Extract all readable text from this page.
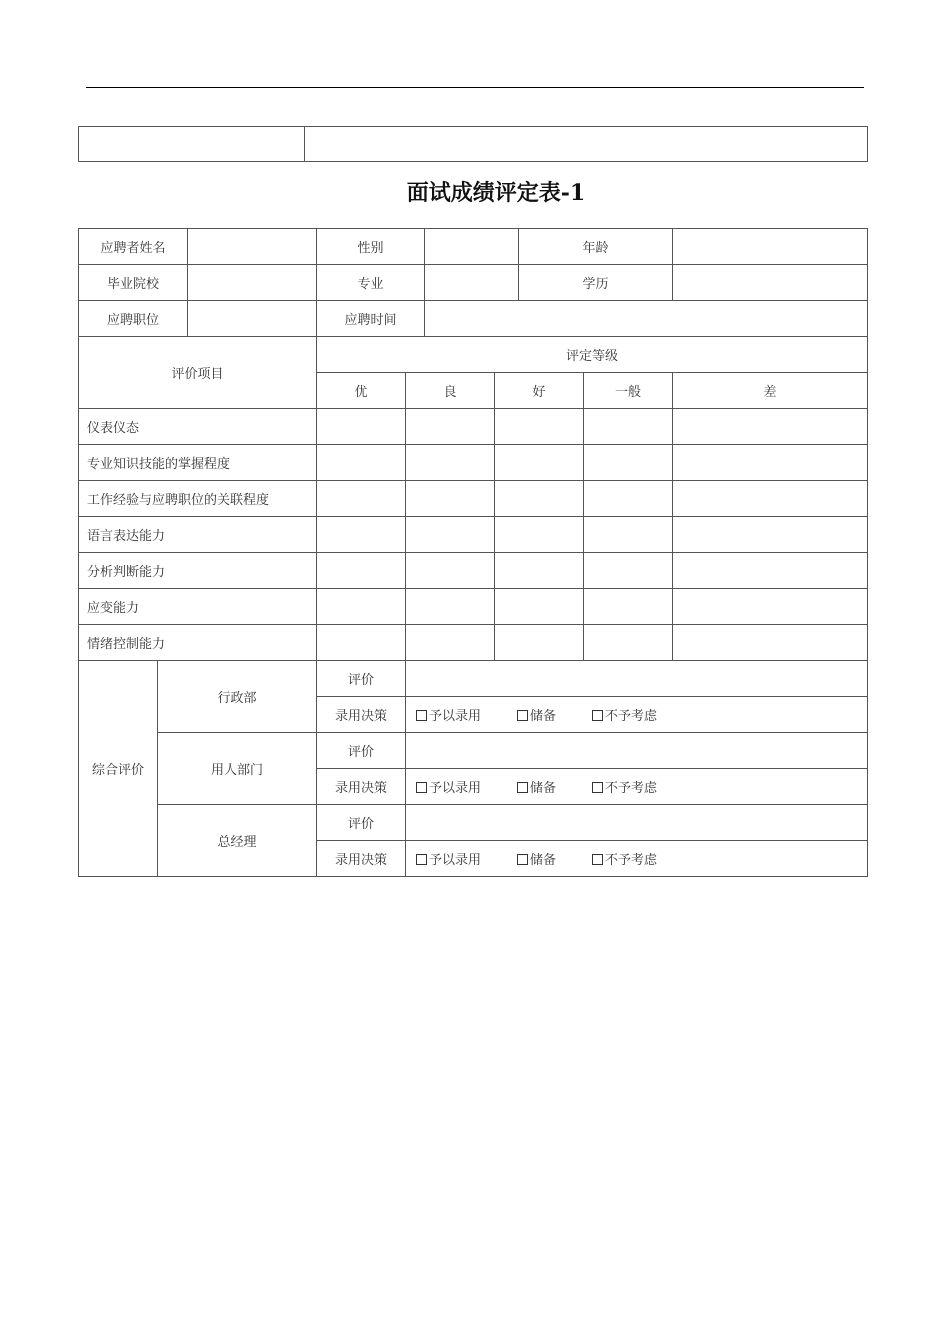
面试成绩评定表-1
应聘者姓名			性别				年龄		
毕业院校			专业				学历		
应聘职位			应聘时间						
评价项目			评定等级						
			优	良		好		一般	差
仪表仪态									
专业知识技能的掌握程度									
工作经验与应聘职位的关联程度									
语言表达能力									
分析判断能力									
应变能力									
情绪控制能力									
综合评价	行政部		评价						
			录用决策	予以录用 储备 不予考虑					
	用人部门		评价						
			录用决策	予以录用 储备 不予考虑					
	总经理		评价						
			录用决策	予以录用 储备 不予考虑					
